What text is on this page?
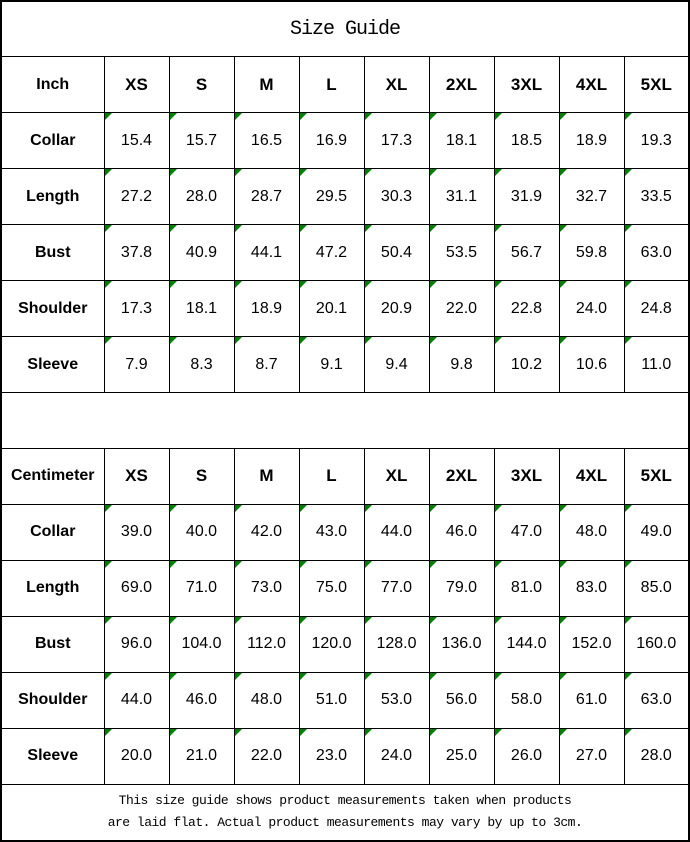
Size Guide									
Inch	XS	S	M	L	XL	2XL	3XL	4XL	5XL
Collar	15.4	15.7	16.5	16.9	17.3	18.1	18.5	18.9	19.3
Length	27.2	28.0	28.7	29.5	30.3	31.1	31.9	32.7	33.5
Bust	37.8	40.9	44.1	47.2	50.4	53.5	56.7	59.8	63.0
Shoulder	17.3	18.1	18.9	20.1	20.9	22.0	22.8	24.0	24.8
Sleeve	7.9	8.3	8.7	9.1	9.4	9.8	10.2	10.6	11.0

Centimeter	XS	S	M	L	XL	2XL	3XL	4XL	5XL
Collar	39.0	40.0	42.0	43.0	44.0	46.0	47.0	48.0	49.0
Length	69.0	71.0	73.0	75.0	77.0	79.0	81.0	83.0	85.0
Bust	96.0	104.0	112.0	120.0	128.0	136.0	144.0	152.0	160.0
Shoulder	44.0	46.0	48.0	51.0	53.0	56.0	58.0	61.0	63.0
Sleeve	20.0	21.0	22.0	23.0	24.0	25.0	26.0	27.0	28.0

This size guide shows product measurements taken when products
are laid flat. Actual product measurements may vary by up to 3cm.									
